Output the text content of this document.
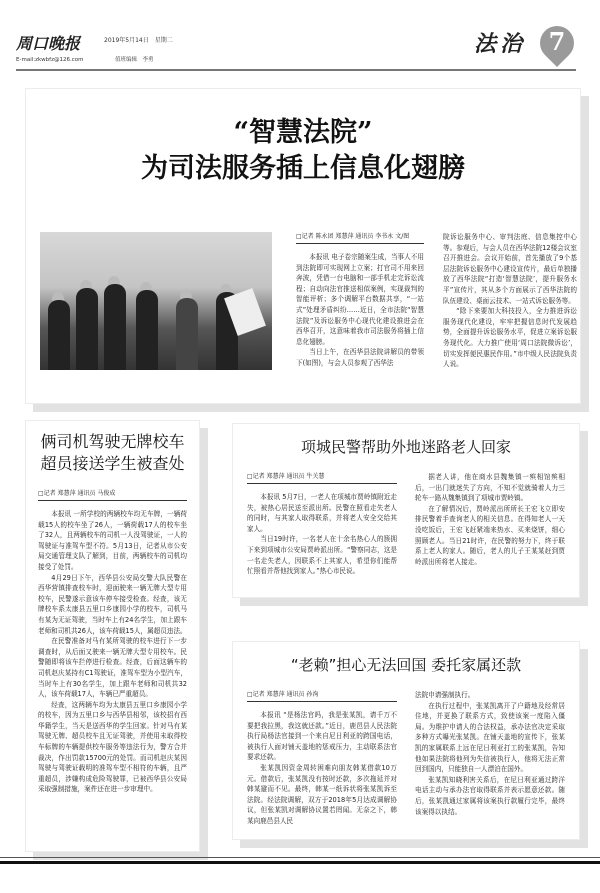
周口晚报	2019年5月14日　星期二
E-mail:zkwbfz@126.com	值班编辑　李勇
法治 7
“智慧法院”
为司法服务插上信息化翅膀
□记者 陈永团 郑慧萍 通讯员 李书永 文/图

本报讯 电子卷宗随案生成，当事人不用到法院即可实现网上立案；打官司不用来回奔波，凭借一台电脑和一部手机走完诉讼流程；自动向法官推送相似案例，实现裁判的智能评析；多个调解平台数据共享，“一站式”处理矛盾纠纷……近日，全市法院“智慧法院”及诉讼服务中心现代化建设推进会在西华召开，这意味着我市司法服务将插上信息化翅膀。

当日上午，在西华县法院讲解员的带领下(如图)，与会人员参观了西华法

院诉讼服务中心、审判法庭、信息集控中心等。参观后，与会人员在西华法院12楼会议室召开推进会。会议开始前，首先播放了9个基层法院诉讼服务中心建设宣传片，最后单独播放了西华法院“打造‘智慧法院’，提升服务水平”宣传片，其从多个方面展示了西华法院的队伍建设、桌面云技术、一站式诉讼服务等。

“除下来要加大科技投入，全力推进诉讼服务现代化建设，牢牢把握信息时代发展趋势，全面提升诉讼服务水平，促进立案诉讼服务现代化。大力推广使用‘周口法院微诉讼’，切实发挥便民惠民作用。”市中级人民法院负责人说。

俩司机驾驶无牌校车
超员接送学生被查处
□记者 郑慧萍 通讯员 马俊成

本报讯 一所学校的两辆校车均无车牌，一辆荷载15人的校车坐了26人，一辆荷载17人的校车坐了32人，且两辆校车的司机一人没驾驶证，一人的驾驶证与准驾车型不符。5月13日，记者从市公安局交通管理支队了解到，目前，两辆校车的司机均接受了处罚。

4月29日下午，西华县公安局交警大队民警在西华营镇排查校车时，迎面驶来一辆无牌大型专用校车，民警遂示意该车停车接受检查。经查，该无牌校车系太康县五里口乡康园小学的校车，司机马有某为无证驾驶，当时车上有24名学生，加上跟车老师和司机共26人，该车荷载15人，属超员违法。

在民警准备对马有某所驾驶的校车进行下一步调查时，从后面又驶来一辆无牌大型专用校车。民警随即将该车拦停进行检查。经查，后面这辆车的司机赵庆某持有C1驾驶证，准驾车型为小型汽车，当时车上有30名学生，加上跟车老师和司机共32人，该车荷载17人，车辆已严重超员。

经查，这两辆车均为太康县五里口乡康园小学的校车，因为五里口乡与西华县相邻，该校招有西华籍学生，当天是送西华的学生回家。针对马有某驾驶无牌、超员校车且无证驾驶，并使用未取得校车标牌的车辆提供校车服务等违法行为，警方合并裁决，作出罚款15700元的处罚。而司机赵庆某因驾驶与驾驶证载明的准驾车型不相符的车辆，且严重超员，涉嫌构成危险驾驶罪，已被西华县公安局采取强制措施，案件还在进一步审理中。

项城民警帮助外地迷路老人回家
□记者 郑慧萍 通讯员 牛关慧

本报讯 5月7日，一老人在项城市贾岭镇附近走失，被热心居民送至派出所。民警在照看走失老人的同时，与其家人取得联系，并将老人安全交给其家人。

当日19时许，一名老人在十余名热心人的簇拥下来到项城市公安局贾岭派出所。“警察同志，这是一名走失老人，因联系不上其家人，希望你们能帮忙照看并帮他找到家人。”热心市民说。

据老人讲，他在商水县魏集镇一殡相馆殡相后，一出门就迷失了方向，不知不觉就骑着人力三轮车一路从魏集镇到了项城市贾岭镇。

在了解情况后，贾岭派出所所长王宏飞立即安排民警着手查询老人的相关信息。在得知老人一天没吃饭后，王宏飞赶紧端来热水、买来烧饼，细心照顾老人。当日21时许，在民警的努力下，终于联系上老人的家人。随后，老人的儿子王某某赶到贾岭派出所将老人接走。

“老赖”担心无法回国 委托家属还款
□记者 郑慧萍 通讯员 孙洵

本报讯 “是杨法官吗，我是张某凯，请千万不要把我拉黑，我这就还款。”近日，鹿邑县人民法院执行局杨法官接到一个来自尼日利亚的跨国电话，被执行人面对铺天盖地的惩戒压力，主动联系法官要求还款。

张某凯因资金周转困难向朋友韩某借款10万元。借款后，张某凯没有按时还款，多次拖延并对韩某避而不见。最终，韩某一纸诉状将张某凯诉至法院。经法院调解，双方于2018年5月达成调解协议，但张某凯对调解协议置若罔闻。无奈之下，韩某向鹿邑县人民

法院申请强制执行。

在执行过程中，张某凯离开了户籍地及经常居住地，并更换了联系方式，致使该案一度陷入僵局。为维护申请人的合法权益，承办法官决定采取多种方式曝光张某凯。在铺天盖地的宣传下，张某凯的家属联系上远在尼日利亚打工的张某凯，告知他如果法院将他列为失信被执行人，他将无法正常回到国内，只能独自一人漂泊在国外。

张某凯知晓利害关系后，在尼日利亚通过跨洋电话主动与承办法官取得联系并表示愿意还款。随后，张某凯通过家属将该案执行款履行完毕，最终该案得以执结。
